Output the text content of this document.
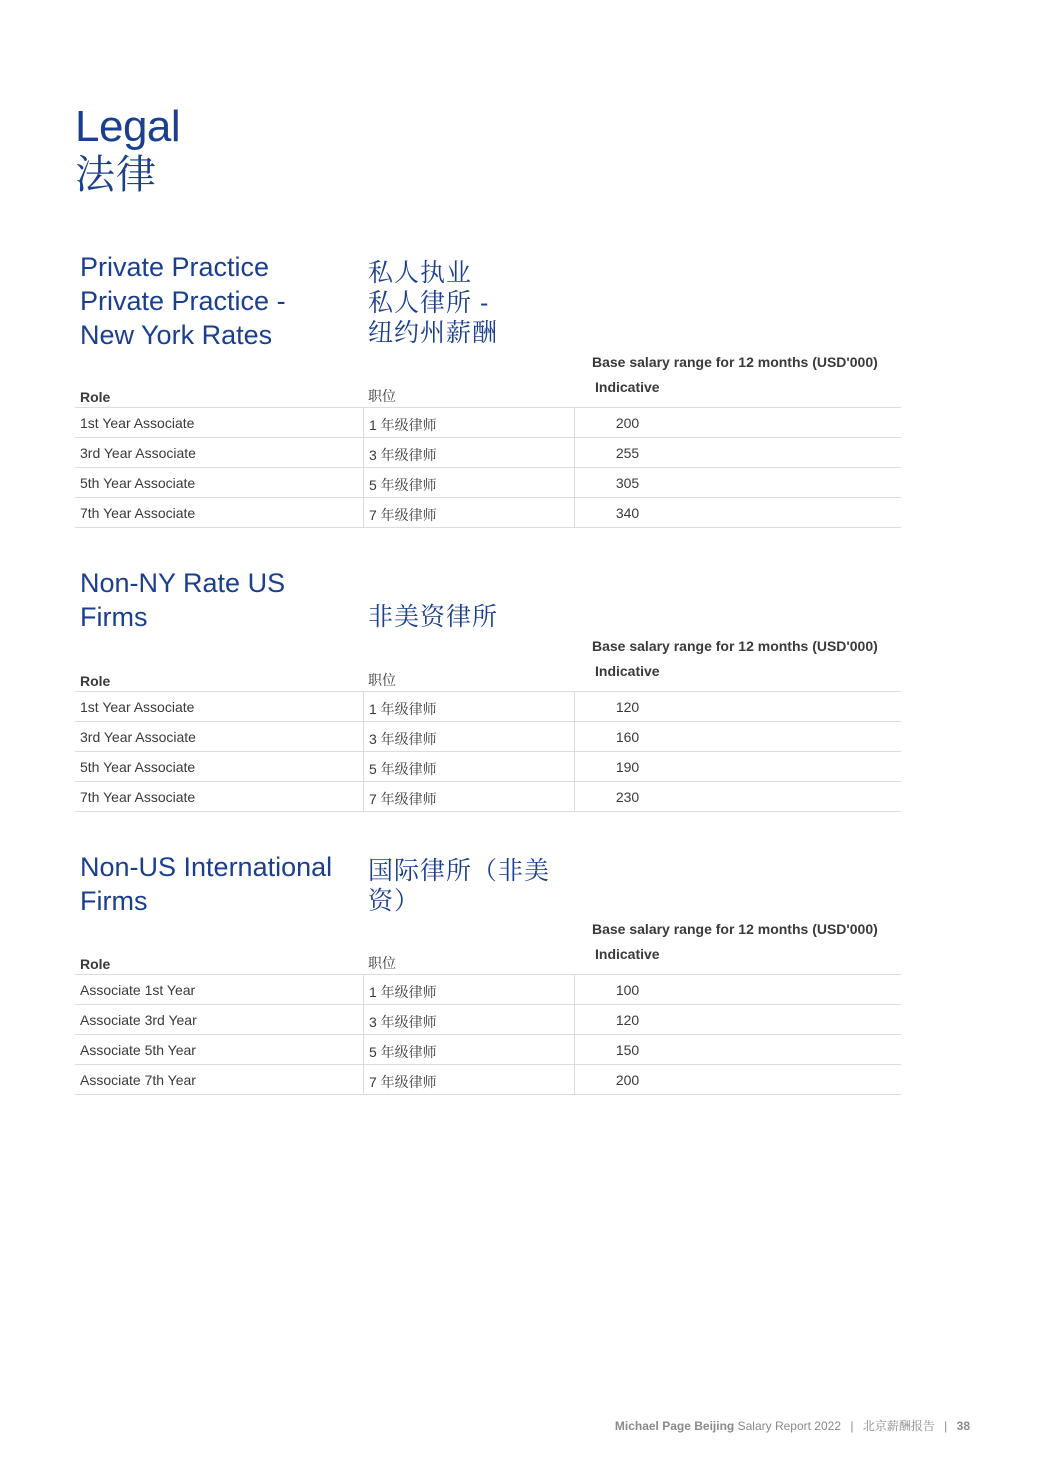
Legal
法律
Private Practice
Private Practice -
New York Rates
私人执业
私人律所 -
纽约州薪酬
Base salary range for 12 months (USD'000)
Role	职位
Indicative
1st Year Associate	1 年级律师	200
3rd Year Associate	3 年级律师	255
5th Year Associate	5 年级律师	305
7th Year Associate	7 年级律师	340
Non-NY Rate US
Firms	非美资律所
Base salary range for 12 months (USD'000)
Role	职位
Indicative
1st Year Associate	1 年级律师	120
3rd Year Associate	3 年级律师	160
5th Year Associate	5 年级律师	190
7th Year Associate	7 年级律师	230
Non-US International
Firms
国际律所（非美
资）
Base salary range for 12 months (USD'000)
Role	职位
Indicative
Associate 1st Year	1 年级律师	100
Associate 3rd Year	3 年级律师	120
Associate 5th Year	5 年级律师	150
Associate 7th Year	7 年级律师	200
Michael Page Beijing Salary Report 2022 | 北京薪酬报告 | 38
